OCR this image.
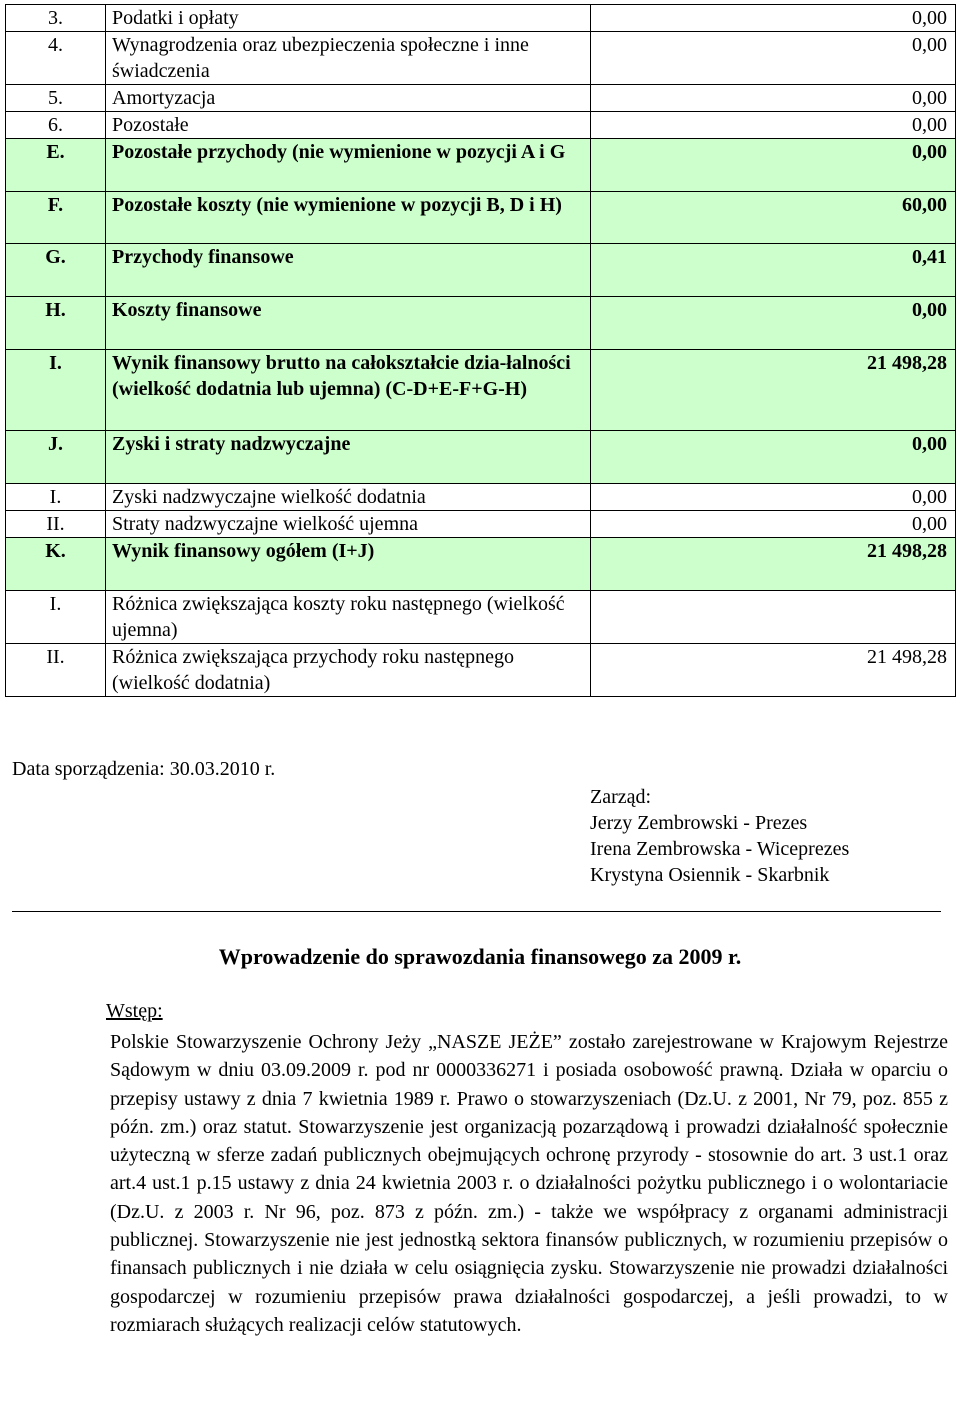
3.	Podatki i opłaty	0,00
4.	Wynagrodzenia oraz ubezpieczenia społeczne i inne świadczenia	0,00
5.	Amortyzacja	0,00
6.	Pozostałe	0,00
E.	Pozostałe przychody (nie wymienione w pozycji A i G	0,00
F.	Pozostałe koszty (nie wymienione w pozycji B, D i H)	60,00
G.	Przychody finansowe	0,41
H.	Koszty finansowe	0,00
I.	Wynik finansowy brutto na całokształcie dzia-łalności (wielkość dodatnia lub ujemna) (C-D+E-F+G-H)	21 498,28
J.	Zyski i straty nadzwyczajne	0,00
I.	Zyski nadzwyczajne wielkość dodatnia	0,00
II.	Straty nadzwyczajne wielkość ujemna	0,00
K.	Wynik finansowy ogółem (I+J)	21 498,28
I.	Różnica zwiększająca koszty roku następnego (wielkość ujemna)	
II.	Różnica zwiększająca przychody roku następnego (wielkość dodatnia)	21 498,28
Data sporządzenia: 30.03.2010 r.
Zarząd:
Jerzy Zembrowski - Prezes
Irena Zembrowska - Wiceprezes
Krystyna Osiennik - Skarbnik
Wprowadzenie do sprawozdania finansowego za 2009 r.
Wstęp:
Polskie Stowarzyszenie Ochrony Jeży „NASZE JEŻE” zostało zarejestrowane w Krajowym Rejestrze Sądowym w dniu 03.09.2009 r. pod nr 0000336271 i posiada osobowość prawną. Działa w oparciu o przepisy ustawy z dnia 7 kwietnia 1989 r. Prawo o stowarzyszeniach (Dz.U. z 2001, Nr 79, poz. 855 z późn. zm.) oraz statut. Stowarzyszenie jest organizacją pozarządową i prowadzi działalność społecznie użyteczną w sferze zadań publicznych obejmujących ochronę przyrody - stosownie do art. 3 ust.1 oraz art.4 ust.1 p.15 ustawy z dnia 24 kwietnia 2003 r. o działalności pożytku publicznego i o wolontariacie (Dz.U. z 2003 r. Nr 96, poz. 873 z późn. zm.) - także we współpracy z organami administracji publicznej. Stowarzyszenie nie jest jednostką sektora finansów publicznych, w rozumieniu przepisów o finansach publicznych i nie działa w celu osiągnięcia zysku. Stowarzyszenie nie prowadzi działalności gospodarczej w rozumieniu przepisów prawa działalności gospodarczej, a jeśli prowadzi, to w rozmiarach służących realizacji celów statutowych.
